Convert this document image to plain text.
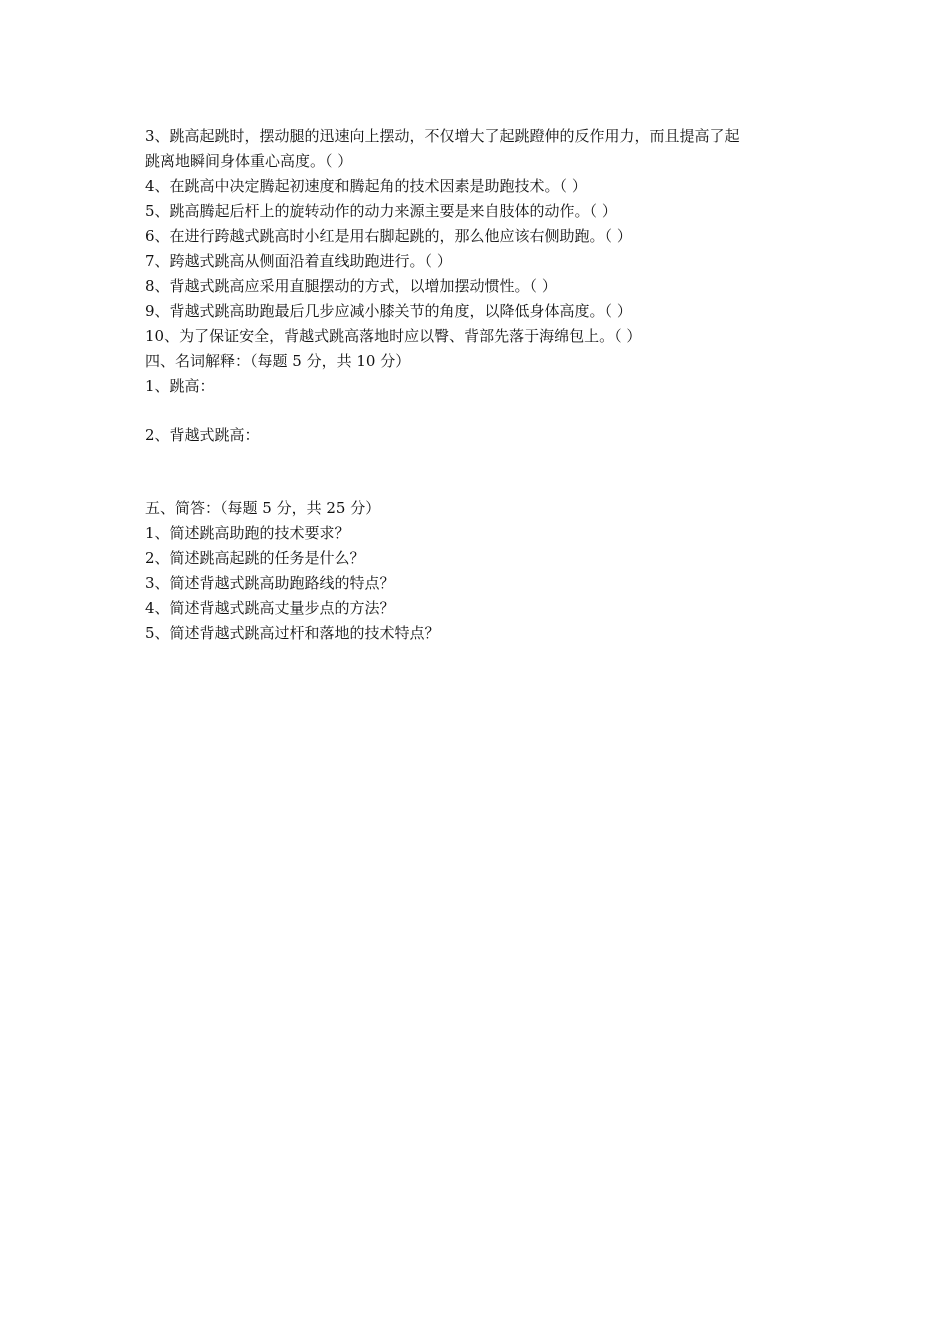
3、跳高起跳时，摆动腿的迅速向上摆动，不仅增大了起跳蹬伸的反作用力，而且提高了起
跳离地瞬间身体重心高度。（ ）
4、在跳高中决定腾起初速度和腾起角的技术因素是助跑技术。（ ）
5、跳高腾起后杆上的旋转动作的动力来源主要是来自肢体的动作。（ ）
6、在进行跨越式跳高时小红是用右脚起跳的，那么他应该右侧助跑。（ ）
7、跨越式跳高从侧面沿着直线助跑进行。（ ）
8、背越式跳高应采用直腿摆动的方式，以增加摆动惯性。（ ）
9、背越式跳高助跑最后几步应减小膝关节的角度，以降低身体高度。（ ）
10、为了保证安全，背越式跳高落地时应以臀、背部先落于海绵包上。（ ）
四、名词解释：（每题 5 分，共 10 分）
1、跳高：
2、背越式跳高：
五、简答：（每题 5 分，共 25 分）
1、简述跳高助跑的技术要求？
2、简述跳高起跳的任务是什么？
3、简述背越式跳高助跑路线的特点？
4、简述背越式跳高丈量步点的方法？
5、简述背越式跳高过杆和落地的技术特点？
